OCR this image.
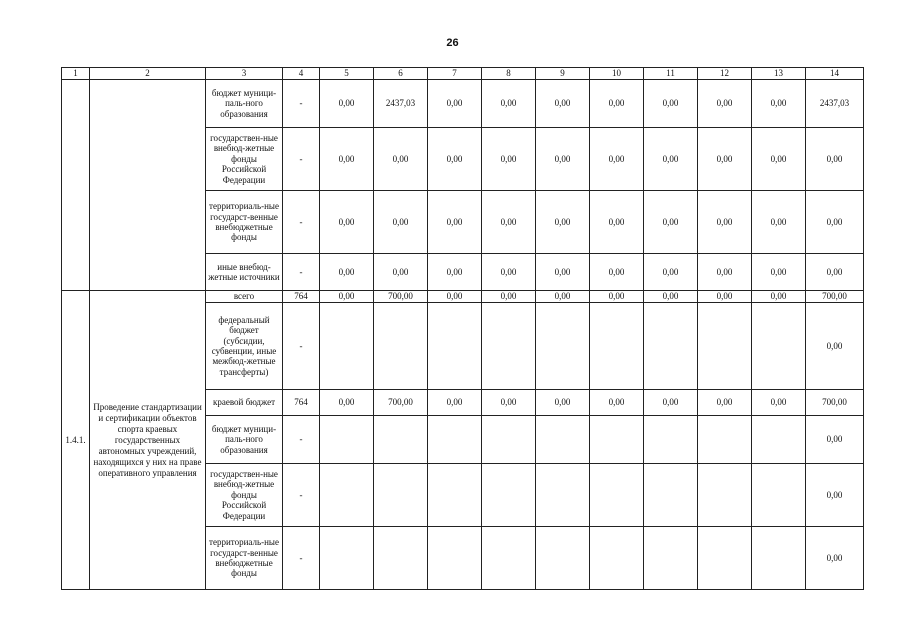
26
1	2	3	4	5	6	7	8	9	10	11	12	13	14
		бюджет муниципаль-ного образования	-	0,00	2437,03	0,00	0,00	0,00	0,00	0,00	0,00	0,00	2437,03
		государствен-ные внебюд-жетные фонды Российской Федерации	-	0,00	0,00	0,00	0,00	0,00	0,00	0,00	0,00	0,00	0,00
		территориаль-ные государст-венные внебюджетные фонды	-	0,00	0,00	0,00	0,00	0,00	0,00	0,00	0,00	0,00	0,00
		иные внебюд-жетные источники	-	0,00	0,00	0,00	0,00	0,00	0,00	0,00	0,00	0,00	0,00
1.4.1.	Проведение стандартизации и сертификации объектов спорта краевых государственных автономных учреждений, находящихся у них на праве оперативного управления	всего	764	0,00	700,00	0,00	0,00	0,00	0,00	0,00	0,00	0,00	700,00
		федеральный бюджет (субсидии, субвенции, иные межбюд-жетные трансферты)	-										0,00
		краевой бюджет	764	0,00	700,00	0,00	0,00	0,00	0,00	0,00	0,00	0,00	700,00
		бюджет муниципаль-ного образования	-										0,00
		государствен-ные внебюд-жетные фонды Российской Федерации	-										0,00
		территориаль-ные государст-венные внебюджетные фонды	-										0,00
